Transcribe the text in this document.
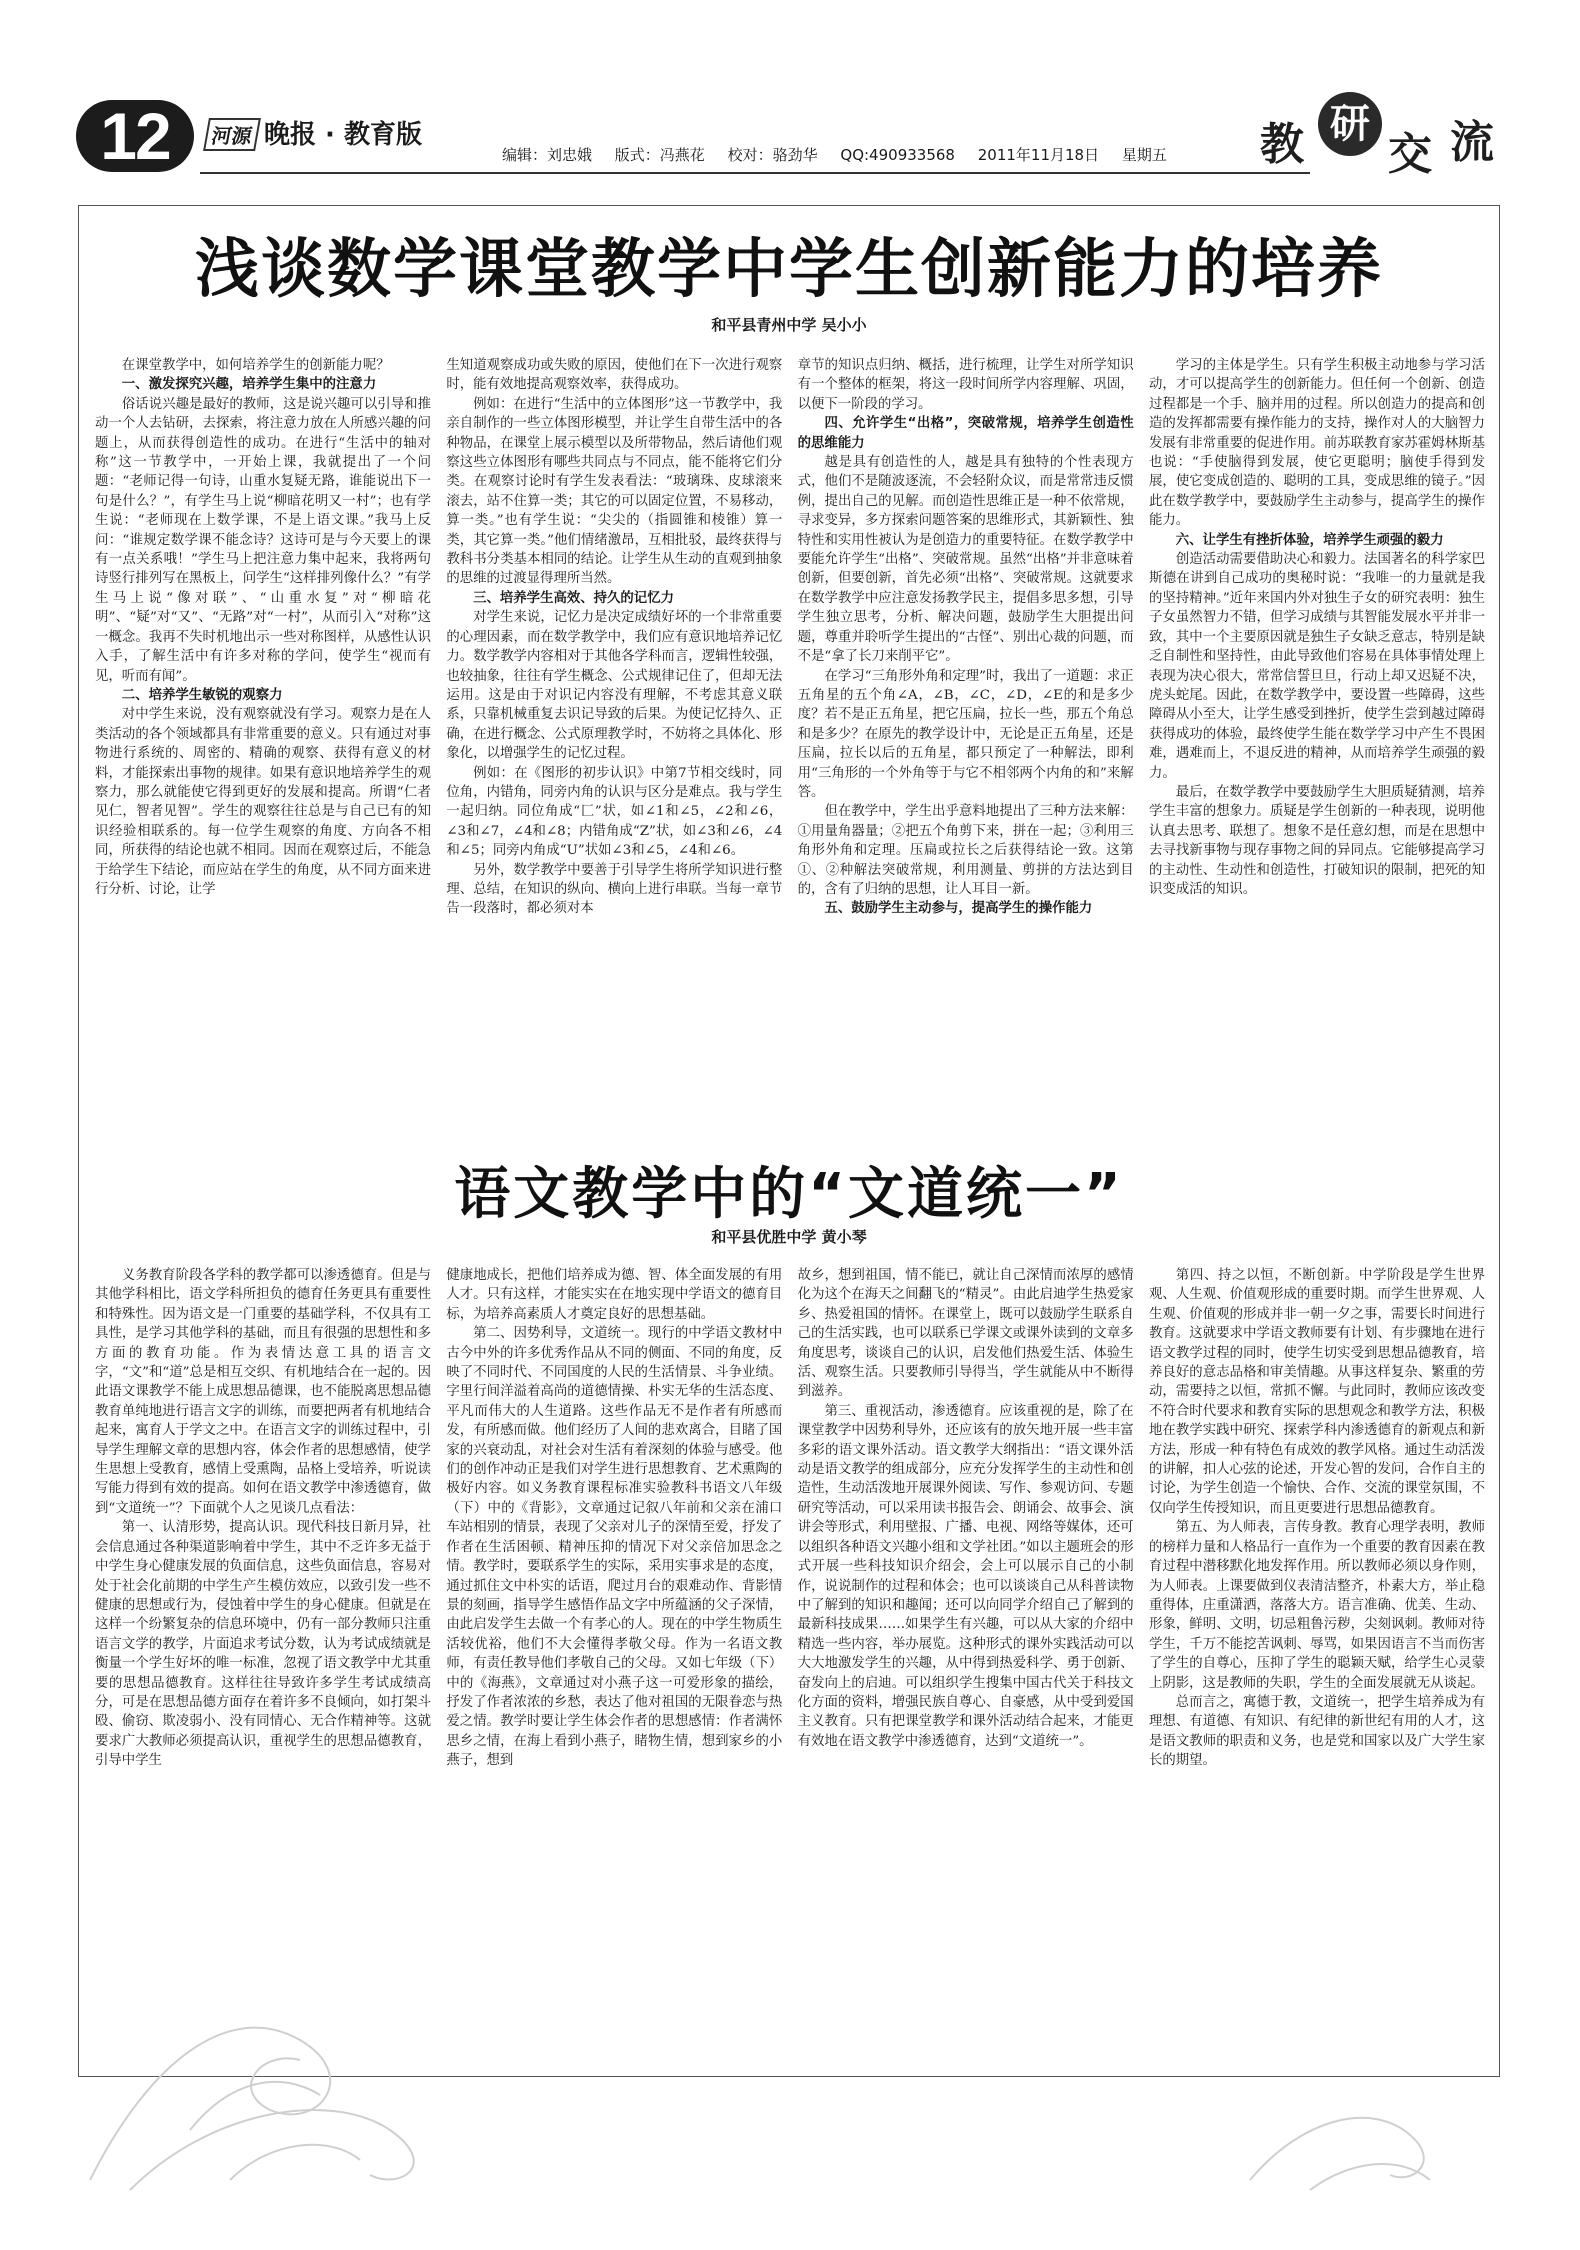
12	河源 晚报 · 教育版
编辑：刘忠娥 版式：冯燕花 校对：骆劲华 QQ:490933568 2011年11月18日 星期五	教 研
交 流
浅谈数学课堂教学中学生创新能力的培养
和平县青州中学 吴小小

在课堂教学中，如何培养学生的创新能力呢？

一、激发探究兴趣，培养学生集中的注意力

俗话说兴趣是最好的教师，这是说兴趣可以引导和推动一个人去钻研，去探索，将注意力放在人所感兴趣的问题上，从而获得创造性的成功。在进行“生活中的轴对称”这一节教学中，一开始上课，我就提出了一个问题：“老师记得一句诗，山重水复疑无路，谁能说出下一句是什么？”，有学生马上说“柳暗花明又一村”；也有学生说：“老师现在上数学课，不是上语文课。”我马上反问：“谁规定数学课不能念诗？这诗可是与今天要上的课有一点关系哦！”学生马上把注意力集中起来，我将两句诗竖行排列写在黑板上，问学生“这样排列像什么？”有学生马上说“像对联”、“山重水复”对“柳暗花明”、“疑”对“又”、“无路”对“一村”，从而引入“对称”这一概念。我再不失时机地出示一些对称图样，从感性认识入手，了解生活中有许多对称的学问，使学生“视而有见，听而有闻”。

二、培养学生敏锐的观察力

对中学生来说，没有观察就没有学习。观察力是在人类活动的各个领域都具有非常重要的意义。只有通过对事物进行系统的、周密的、精确的观察、获得有意义的材料，才能探索出事物的规律。如果有意识地培养学生的观察力，那么就能使它得到更好的发展和提高。所谓“仁者见仁，智者见智”。学生的观察往往总是与自己已有的知识经验相联系的。每一位学生观察的角度、方向各不相同，所获得的结论也就不相同。因而在观察过后，不能急于给学生下结论，而应站在学生的角度，从不同方面来进行分析、讨论，让学

生知道观察成功或失败的原因，使他们在下一次进行观察时，能有效地提高观察效率，获得成功。

例如：在进行“生活中的立体图形”这一节教学中，我亲自制作的一些立体图形模型，并让学生自带生活中的各种物品，在课堂上展示模型以及所带物品，然后请他们观察这些立体图形有哪些共同点与不同点，能不能将它们分类。在观察讨论时有学生发表看法：“玻璃珠、皮球滚来滚去，站不住算一类；其它的可以固定位置，不易移动，算一类。”也有学生说：“尖尖的（指圆锥和棱锥）算一类，其它算一类。”他们情绪激昂，互相批驳，最终获得与教科书分类基本相同的结论。让学生从生动的直观到抽象的思维的过渡显得理所当然。

三、培养学生高效、持久的记忆力

对学生来说，记忆力是决定成绩好坏的一个非常重要的心理因素，而在数学教学中，我们应有意识地培养记忆力。数学教学内容相对于其他各学科而言，逻辑性较强，也较抽象，往往有学生概念、公式规律记住了，但却无法运用。这是由于对识记内容没有理解，不考虑其意义联系，只靠机械重复去识记导致的后果。为使记忆持久、正确，在进行概念、公式原理教学时，不妨将之具体化、形象化，以增强学生的记忆过程。

例如：在《图形的初步认识》中第7节相交线时，同位角，内错角，同旁内角的认识与区分是难点。我与学生一起归纳。同位角成“匚”状，如∠1和∠5，∠2和∠6，∠3和∠7，∠4和∠8；内错角成“Z”状，如∠3和∠6，∠4和∠5；同旁内角成“U”状如∠3和∠5，∠4和∠6。

另外，数学教学中要善于引导学生将所学知识进行整理、总结，在知识的纵向、横向上进行串联。当每一章节告一段落时，都必须对本

章节的知识点归纳、概括，进行梳理，让学生对所学知识有一个整体的框架，将这一段时间所学内容理解、巩固，以便下一阶段的学习。

四、允许学生“出格”，突破常规，培养学生创造性的思维能力

越是具有创造性的人，越是具有独特的个性表现方式，他们不是随波逐流，不会轻附众议，而是常常违反惯例，提出自己的见解。而创造性思维正是一种不依常规，寻求变异，多方探索问题答案的思维形式，其新颖性、独特性和实用性被认为是创造力的重要特征。在数学教学中要能允许学生“出格”、突破常规。虽然“出格”并非意味着创新，但要创新，首先必须“出格”、突破常规。这就要求在数学教学中应注意发扬教学民主，提倡多思多想，引导学生独立思考，分析、解决问题，鼓励学生大胆提出问题，尊重并聆听学生提出的“古怪”、别出心裁的问题，而不是“拿了长刀来削平它”。

在学习“三角形外角和定理”时，我出了一道题：求正五角星的五个角∠A，∠B，∠C，∠D，∠E的和是多少度？若不是正五角星，把它压扁，拉长一些，那五个角总和是多少？在原先的教学设计中，无论是正五角星，还是压扁，拉长以后的五角星，都只预定了一种解法，即利用“三角形的一个外角等于与它不相邻两个内角的和”来解答。

但在教学中，学生出乎意料地提出了三种方法来解：①用量角器量；②把五个角剪下来，拼在一起；③利用三角形外角和定理。压扁或拉长之后获得结论一致。这第①、②种解法突破常规，利用测量、剪拼的方法达到目的，含有了归纳的思想，让人耳目一新。

五、鼓励学生主动参与，提高学生的操作能力

学习的主体是学生。只有学生积极主动地参与学习活动，才可以提高学生的创新能力。但任何一个创新、创造过程都是一个手、脑并用的过程。所以创造力的提高和创造的发挥都需要有操作能力的支持，操作对人的大脑智力发展有非常重要的促进作用。前苏联教育家苏霍姆林斯基也说：“手使脑得到发展，使它更聪明；脑使手得到发展，使它变成创造的、聪明的工具，变成思维的镜子。”因此在数学教学中，要鼓励学生主动参与，提高学生的操作能力。

六、让学生有挫折体验，培养学生顽强的毅力

创造活动需要借助决心和毅力。法国著名的科学家巴斯德在讲到自己成功的奥秘时说：“我唯一的力量就是我的坚持精神。”近年来国内外对独生子女的研究表明：独生子女虽然智力不错，但学习成绩与其智能发展水平并非一致，其中一个主要原因就是独生子女缺乏意志，特别是缺乏自制性和坚持性，由此导致他们容易在具体事情处理上表现为决心很大，常常信誓旦旦，行动上却又迟疑不决，虎头蛇尾。因此，在数学教学中，要设置一些障碍，这些障碍从小至大，让学生感受到挫折，使学生尝到越过障碍获得成功的体验，最终使学生能在数学学习中产生不畏困难，遇难而上，不退反进的精神，从而培养学生顽强的毅力。

最后，在数学教学中要鼓励学生大胆质疑猜测，培养学生丰富的想象力。质疑是学生创新的一种表现，说明他认真去思考、联想了。想象不是任意幻想，而是在思想中去寻找新事物与现存事物之间的异同点。它能够提高学习的主动性、生动性和创造性，打破知识的限制，把死的知识变成活的知识。

语文教学中的“文道统一”
和平县优胜中学 黄小琴

义务教育阶段各学科的教学都可以渗透德育。但是与其他学科相比，语文学科所担负的德育任务更具有重要性和特殊性。因为语文是一门重要的基础学科，不仅具有工具性，是学习其他学科的基础，而且有很强的思想性和多方面的教育功能。作为表情达意工具的语言文字，“文”和“道”总是相互交织、有机地结合在一起的。因此语文课教学不能上成思想品德课，也不能脱离思想品德教育单纯地进行语言文字的训练，而要把两者有机地结合起来，寓育人于学文之中。在语言文字的训练过程中，引导学生理解文章的思想内容，体会作者的思想感情，使学生思想上受教育，感情上受熏陶，品格上受培养，听说读写能力得到有效的提高。如何在语文教学中渗透德育，做到“文道统一”？下面就个人之见谈几点看法：

第一、认清形势，提高认识。现代科技日新月异，社会信息通过各种渠道影响着中学生，其中不乏许多无益于中学生身心健康发展的负面信息，这些负面信息，容易对处于社会化前期的中学生产生模仿效应，以致引发一些不健康的思想或行为，侵蚀着中学生的身心健康。但就是在这样一个纷繁复杂的信息环境中，仍有一部分教师只注重语言文学的教学，片面追求考试分数，认为考试成绩就是衡量一个学生好坏的唯一标准，忽视了语文教学中尤其重要的思想品德教育。这样往往导致许多学生考试成绩高分，可是在思想品德方面存在着许多不良倾向，如打架斗殴、偷窃、欺凌弱小、没有同情心、无合作精神等。这就要求广大教师必须提高认识，重视学生的思想品德教育，引导中学生

健康地成长，把他们培养成为德、智、体全面发展的有用人才。只有这样，才能实实在在地实现中学语文的德育目标，为培养高素质人才奠定良好的思想基础。

第二、因势利导，文道统一。现行的中学语文教材中古今中外的许多优秀作品从不同的侧面、不同的角度，反映了不同时代、不同国度的人民的生活情景、斗争业绩。字里行间洋溢着高尚的道德情操、朴实无华的生活态度、平凡而伟大的人生道路。这些作品无不是作者有所感而发，有所感而做。他们经历了人间的悲欢离合，目睹了国家的兴衰动乱，对社会对生活有着深刻的体验与感受。他们的创作冲动正是我们对学生进行思想教育、艺术熏陶的极好内容。如义务教育课程标准实验教科书语文八年级（下）中的《背影》，文章通过记叙八年前和父亲在浦口车站相别的情景，表现了父亲对儿子的深情至爱，抒发了作者在生活困顿、精神压抑的情况下对父亲倍加思念之情。教学时，要联系学生的实际，采用实事求是的态度，通过抓住文中朴实的话语，爬过月台的艰难动作、背影情景的刻画，指导学生感悟作品文字中所蕴涵的父子深情，由此启发学生去做一个有孝心的人。现在的中学生物质生活较优裕，他们不大会懂得孝敬父母。作为一名语文教师，有责任教导他们孝敬自己的父母。又如七年级（下）中的《海燕》，文章通过对小燕子这一可爱形象的描绘，抒发了作者浓浓的乡愁，表达了他对祖国的无限眷恋与热爱之情。教学时要让学生体会作者的思想感情：作者满怀思乡之情，在海上看到小燕子，睹物生情，想到家乡的小燕子，想到

故乡，想到祖国，情不能已，就让自己深情而浓厚的感情化为这个在海天之间翻飞的“精灵”。由此启迪学生热爱家乡、热爱祖国的情怀。在课堂上，既可以鼓励学生联系自己的生活实践，也可以联系已学课文或课外读到的文章多角度思考，谈谈自己的认识，启发他们热爱生活、体验生活、观察生活。只要教师引导得当，学生就能从中不断得到滋养。

第三、重视活动，渗透德育。应该重视的是，除了在课堂教学中因势利导外，还应该有的放矢地开展一些丰富多彩的语文课外活动。语文教学大纲指出：“语文课外活动是语文教学的组成部分，应充分发挥学生的主动性和创造性，生动活泼地开展课外阅读、写作、参观访问、专题研究等活动，可以采用读书报告会、朗诵会、故事会、演讲会等形式，利用壁报、广播、电视、网络等媒体，还可以组织各种语文兴趣小组和文学社团。”如以主题班会的形式开展一些科技知识介绍会，会上可以展示自己的小制作，说说制作的过程和体会；也可以谈谈自己从科普读物中了解到的知识和趣闻；还可以向同学介绍自己了解到的最新科技成果……如果学生有兴趣，可以从大家的介绍中精选一些内容，举办展览。这种形式的课外实践活动可以大大地激发学生的兴趣，从中得到热爱科学、勇于创新、奋发向上的启迪。可以组织学生搜集中国古代关于科技文化方面的资料，增强民族自尊心、自豪感，从中受到爱国主义教育。只有把课堂教学和课外活动结合起来，才能更有效地在语文教学中渗透德育，达到“文道统一”。

第四、持之以恒，不断创新。中学阶段是学生世界观、人生观、价值观形成的重要时期。而学生世界观、人生观、价值观的形成并非一朝一夕之事，需要长时间进行教育。这就要求中学语文教师要有计划、有步骤地在进行语文教学过程的同时，使学生切实受到思想品德教育，培养良好的意志品格和审美情趣。从事这样复杂、繁重的劳动，需要持之以恒，常抓不懈。与此同时，教师应该改变不符合时代要求和教育实际的思想观念和教学方法，积极地在教学实践中研究、探索学科内渗透德育的新观点和新方法，形成一种有特色有成效的教学风格。通过生动活泼的讲解，扣人心弦的论述，开发心智的发问，合作自主的讨论，为学生创造一个愉快、合作、交流的课堂氛围，不仅向学生传授知识，而且更要进行思想品德教育。

第五、为人师表，言传身教。教育心理学表明，教师的榜样力量和人格品行一直作为一个重要的教育因素在教育过程中潜移默化地发挥作用。所以教师必须以身作则，为人师表。上课要做到仪表清洁整齐，朴素大方，举止稳重得体，庄重潇洒，落落大方。语言准确、优美、生动、形象，鲜明、文明，切忌粗鲁污秽，尖刻讽刺。教师对待学生，千万不能挖苦讽刺、辱骂，如果因语言不当而伤害了学生的自尊心，压抑了学生的聪颖天赋，给学生心灵蒙上阴影，这是教师的失职，学生的全面发展就无从谈起。

总而言之，寓德于教，文道统一，把学生培养成为有理想、有道德、有知识、有纪律的新世纪有用的人才，这是语文教师的职责和义务，也是党和国家以及广大学生家长的期望。
